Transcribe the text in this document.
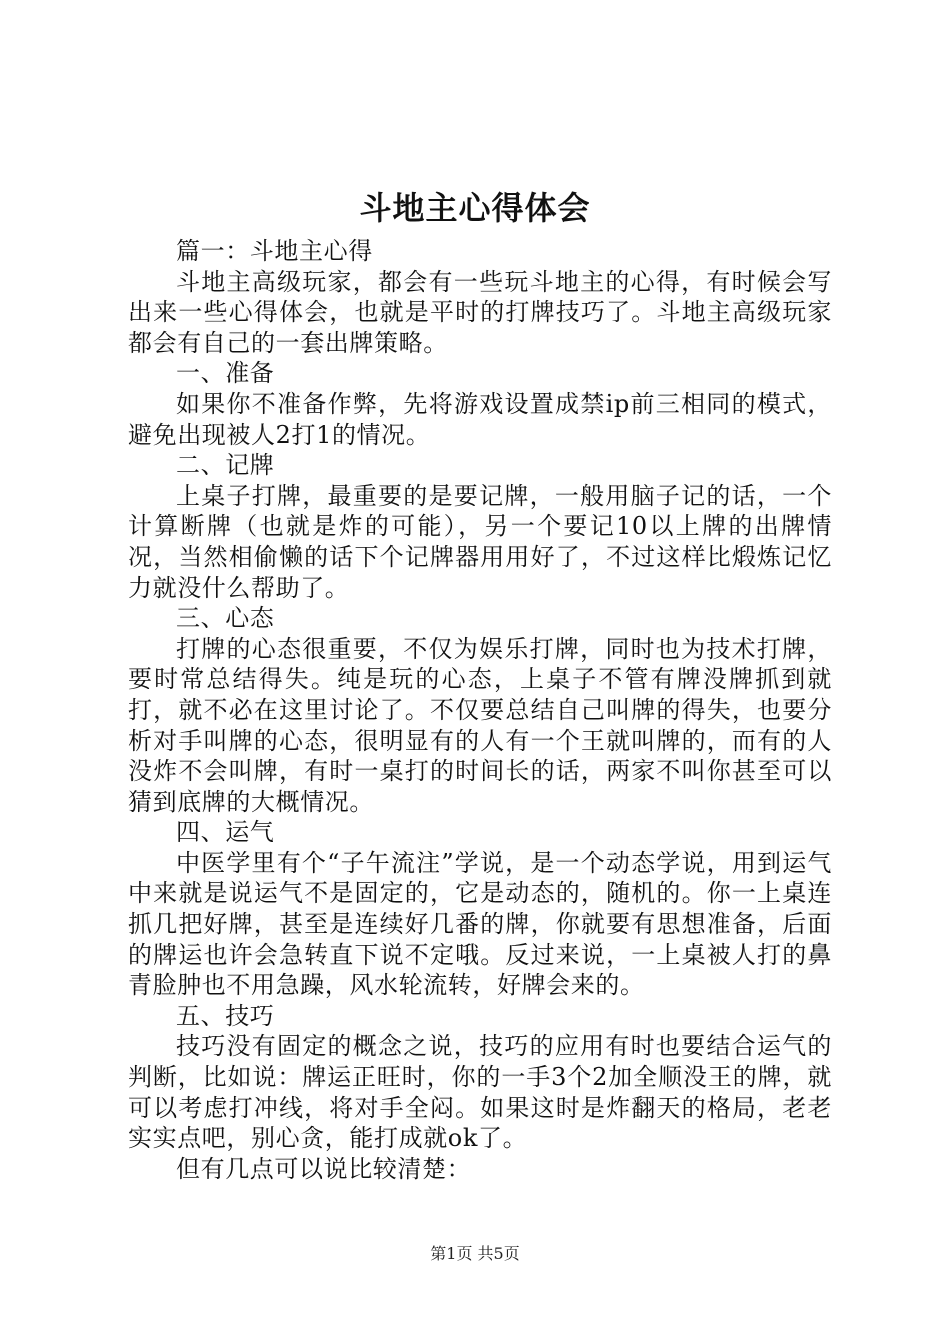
斗地主心得体会

篇一：斗地主心得

斗地主高级玩家，都会有一些玩斗地主的心得，有时候会写出来一些心得体会，也就是平时的打牌技巧了。斗地主高级玩家都会有自己的一套出牌策略。

一、准备

如果你不准备作弊，先将游戏设置成禁ip前三相同的模式，避免出现被人2打1的情况。

二、记牌

上桌子打牌，最重要的是要记牌，一般用脑子记的话，一个计算断牌（也就是炸的可能），另一个要记10以上牌的出牌情况，当然相偷懒的话下个记牌器用用好了，不过这样比煅炼记忆力就没什么帮助了。

三、心态

打牌的心态很重要，不仅为娱乐打牌，同时也为技术打牌，要时常总结得失。纯是玩的心态，上桌子不管有牌没牌抓到就打，就不必在这里讨论了。不仅要总结自己叫牌的得失，也要分析对手叫牌的心态，很明显有的人有一个王就叫牌的，而有的人没炸不会叫牌，有时一桌打的时间长的话，两家不叫你甚至可以猜到底牌的大概情况。

四、运气

中医学里有个“子午流注”学说，是一个动态学说，用到运气中来就是说运气不是固定的，它是动态的，随机的。你一上桌连抓几把好牌，甚至是连续好几番的牌，你就要有思想准备，后面的牌运也许会急转直下说不定哦。反过来说，一上桌被人打的鼻青脸肿也不用急躁，风水轮流转，好牌会来的。

五、技巧

技巧没有固定的概念之说，技巧的应用有时也要结合运气的判断，比如说：牌运正旺时，你的一手3个2加全顺没王的牌，就可以考虑打冲线，将对手全闷。如果这时是炸翻天的格局，老老实实点吧，别心贪，能打成就ok了。

但有几点可以说比较清楚：

第1页 共5页
